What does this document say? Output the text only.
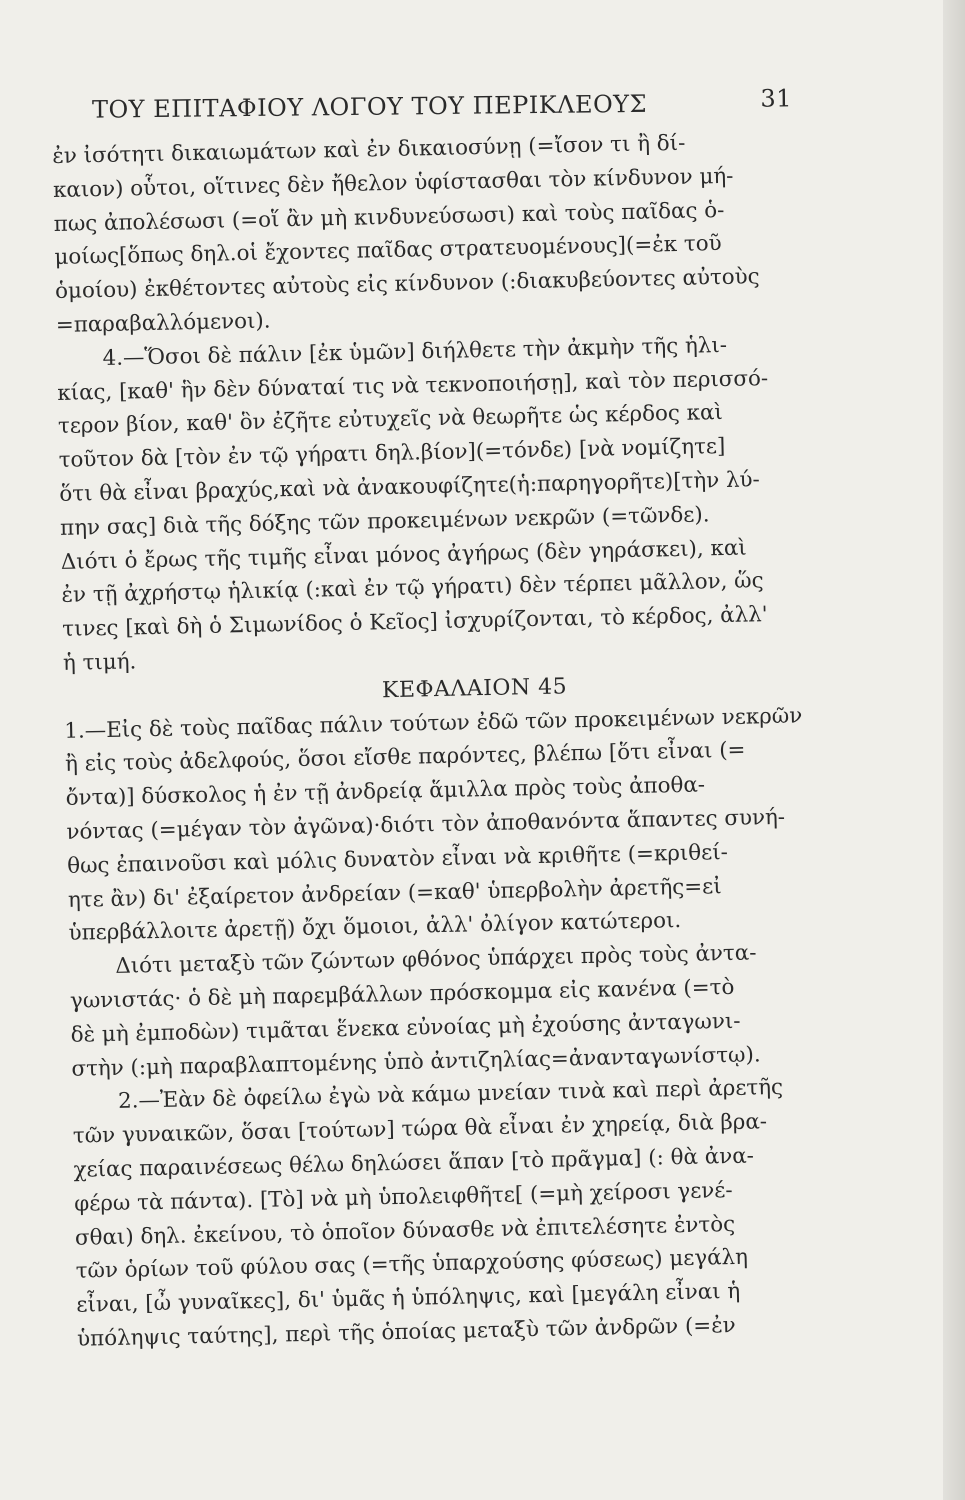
ΤΟΥ ΕΠΙΤΑΦΙΟΥ ΛΟΓΟΥ ΤΟΥ ΠΕΡΙΚΛΕΟΥΣ	31
ἐν ἰσότητι δικαιωμάτων καὶ ἐν δικαιοσύνῃ (=ἴσον τι ἢ δί-
καιον) οὗτοι, οἵτινες δὲν ἤθελον ὑφίστασθαι τὸν κίνδυνον μή-
πως ἀπολέσωσι (=οἵ ἂν μὴ κινδυνεύσωσι) καὶ τοὺς παῖδας ὁ-
μοίως[ὅπως δηλ.οἱ ἔχοντες παῖδας στρατευομένους](=ἐκ τοῦ
ὁμοίου) ἐκθέτοντες αὐτοὺς εἰς κίνδυνον (:διακυβεύοντες αὐτοὺς
=παραβαλλόμενοι).
4.—Ὅσοι δὲ πάλιν [ἐκ ὑμῶν] διήλθετε τὴν ἀκμὴν τῆς ἡλι-
κίας, [καθ' ἣν δὲν δύναταί τις νὰ τεκνοποιήσῃ], καὶ τὸν περισσό-
τερον βίον, καθ' ὃν ἐζῆτε εὐτυχεῖς νὰ θεωρῆτε ὡς κέρδος καὶ
τοῦτον δὰ [τὸν ἐν τῷ γήρατι δηλ.βίον](=τόνδε) [νὰ νομίζητε]
ὅτι θὰ εἶναι βραχύς,καὶ νὰ ἀνακουφίζητε(ἡ:παρηγορῆτε)[τὴν λύ-
πην σας] διὰ τῆς δόξης τῶν προκειμένων νεκρῶν (=τῶνδε).
Διότι ὁ ἔρως τῆς τιμῆς εἶναι μόνος ἀγήρως (δὲν γηράσκει), καὶ
ἐν τῇ ἀχρήστῳ ἡλικίᾳ (:καὶ ἐν τῷ γήρατι) δὲν τέρπει μᾶλλον, ὥς
τινες [καὶ δὴ ὁ Σιμωνίδος ὁ Κεῖος] ἰσχυρίζονται, τὸ κέρδος, ἀλλ'
ἡ τιμή.
ΚΕΦΑΛΑΙΟΝ 45
1.—Εἰς δὲ τοὺς παῖδας πάλιν τούτων ἐδῶ τῶν προκειμένων νεκρῶν
ἢ εἰς τοὺς ἀδελφούς, ὅσοι εἴσθε παρόντες, βλέπω [ὅτι εἶναι (=
ὄντα)] δύσκολος ἡ ἐν τῇ ἀνδρείᾳ ἅμιλλα πρὸς τοὺς ἀποθα-
νόντας (=μέγαν τὸν ἀγῶνα)·διότι τὸν ἀποθανόντα ἅπαντες συνή-
θως ἐπαινοῦσι καὶ μόλις δυνατὸν εἶναι νὰ κριθῆτε (=κριθεί-
ητε ἂν) δι' ἐξαίρετον ἀνδρείαν (=καθ' ὑπερβολὴν ἀρετῆς=εἰ
ὑπερβάλλοιτε ἀρετῇ) ὄχι ὅμοιοι, ἀλλ' ὀλίγον κατώτεροι.
Διότι μεταξὺ τῶν ζώντων φθόνος ὑπάρχει πρὸς τοὺς ἀντα-
γωνιστάς· ὁ δὲ μὴ παρεμβάλλων πρόσκομμα εἰς κανένα (=τὸ
δὲ μὴ ἐμποδὼν) τιμᾶται ἕνεκα εὐνοίας μὴ ἐχούσης ἀνταγωνι-
στὴν (:μὴ παραβλαπτομένης ὑπὸ ἀντιζηλίας=ἀνανταγωνίστῳ).
2.—Ἐὰν δὲ ὀφείλω ἐγὼ νὰ κάμω μνείαν τινὰ καὶ περὶ ἀρετῆς
τῶν γυναικῶν, ὅσαι [τούτων] τώρα θὰ εἶναι ἐν χηρείᾳ, διὰ βρα-
χείας παραινέσεως θέλω δηλώσει ἅπαν [τὸ πρᾶγμα] (: θὰ ἀνα-
φέρω τὰ πάντα). [Τὸ] νὰ μὴ ὑπολειφθῆτε[ (=μὴ χείροσι γενέ-
σθαι) δηλ. ἐκείνου, τὸ ὁποῖον δύνασθε νὰ ἐπιτελέσητε ἐντὸς
τῶν ὁρίων τοῦ φύλου σας (=τῆς ὑπαρχούσης φύσεως) μεγάλη
εἶναι, [ὦ γυναῖκες], δι' ὑμᾶς ἡ ὑπόληψις, καὶ [μεγάλη εἶναι ἡ
ὑπόληψις ταύτης], περὶ τῆς ὁποίας μεταξὺ τῶν ἀνδρῶν (=ἐν
